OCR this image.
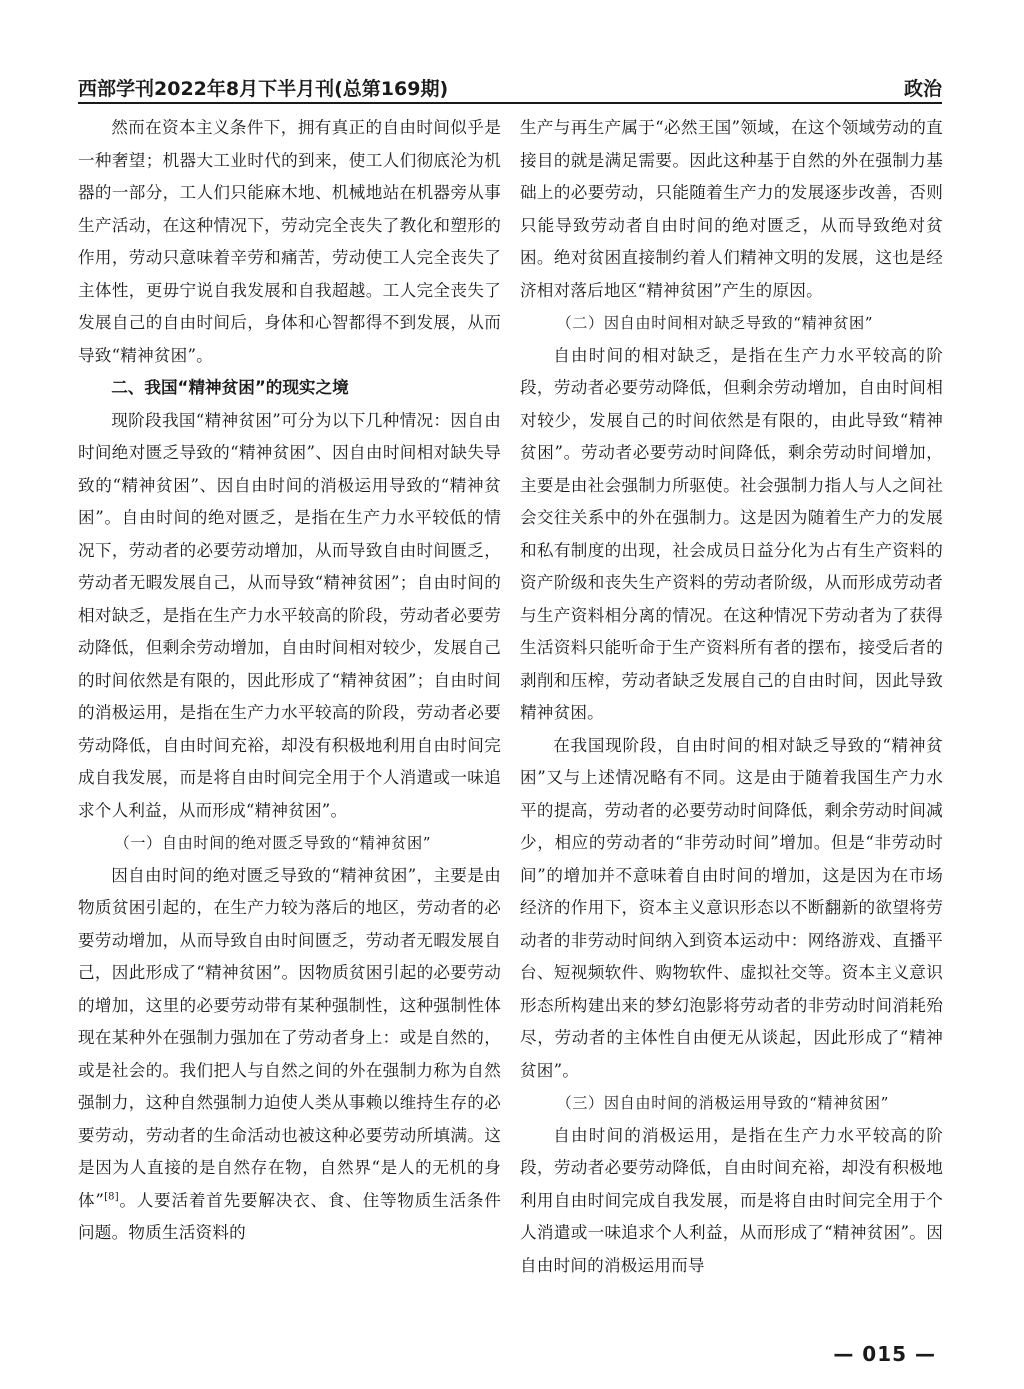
西部学刊2022年8月下半月刊(总第169期)	政治

然而在资本主义条件下，拥有真正的自由时间似乎是一种奢望；机器大工业时代的到来，使工人们彻底沦为机器的一部分，工人们只能麻木地、机械地站在机器旁从事生产活动，在这种情况下，劳动完全丧失了教化和塑形的作用，劳动只意味着辛劳和痛苦，劳动使工人完全丧失了主体性，更毋宁说自我发展和自我超越。工人完全丧失了发展自己的自由时间后，身体和心智都得不到发展，从而导致“精神贫困”。

二、我国“精神贫困”的现实之境

现阶段我国“精神贫困”可分为以下几种情况：因自由时间绝对匮乏导致的“精神贫困”、因自由时间相对缺失导致的“精神贫困”、因自由时间的消极运用导致的“精神贫困”。自由时间的绝对匮乏，是指在生产力水平较低的情况下，劳动者的必要劳动增加，从而导致自由时间匮乏，劳动者无暇发展自己，从而导致“精神贫困”；自由时间的相对缺乏，是指在生产力水平较高的阶段，劳动者必要劳动降低，但剩余劳动增加，自由时间相对较少，发展自己的时间依然是有限的，因此形成了“精神贫困”；自由时间的消极运用，是指在生产力水平较高的阶段，劳动者必要劳动降低，自由时间充裕，却没有积极地利用自由时间完成自我发展，而是将自由时间完全用于个人消遣或一味追求个人利益，从而形成“精神贫困”。

（一）自由时间的绝对匮乏导致的“精神贫困”

因自由时间的绝对匮乏导致的“精神贫困”，主要是由物质贫困引起的，在生产力较为落后的地区，劳动者的必要劳动增加，从而导致自由时间匮乏，劳动者无暇发展自己，因此形成了“精神贫困”。因物质贫困引起的必要劳动的增加，这里的必要劳动带有某种强制性，这种强制性体现在某种外在强制力强加在了劳动者身上：或是自然的，或是社会的。我们把人与自然之间的外在强制力称为自然强制力，这种自然强制力迫使人类从事赖以维持生存的必要劳动，劳动者的生命活动也被这种必要劳动所填满。这是因为人直接的是自然存在物，自然界“是人的无机的身体”[8]。人要活着首先要解决衣、食、住等物质生活条件问题。物质生活资料的

生产与再生产属于“必然王国”领域，在这个领域劳动的直接目的就是满足需要。因此这种基于自然的外在强制力基础上的必要劳动，只能随着生产力的发展逐步改善，否则只能导致劳动者自由时间的绝对匮乏，从而导致绝对贫困。绝对贫困直接制约着人们精神文明的发展，这也是经济相对落后地区“精神贫困”产生的原因。

（二）因自由时间相对缺乏导致的“精神贫困”

自由时间的相对缺乏，是指在生产力水平较高的阶段，劳动者必要劳动降低，但剩余劳动增加，自由时间相对较少，发展自己的时间依然是有限的，由此导致“精神贫困”。劳动者必要劳动时间降低，剩余劳动时间增加，主要是由社会强制力所驱使。社会强制力指人与人之间社会交往关系中的外在强制力。这是因为随着生产力的发展和私有制度的出现，社会成员日益分化为占有生产资料的资产阶级和丧失生产资料的劳动者阶级，从而形成劳动者与生产资料相分离的情况。在这种情况下劳动者为了获得生活资料只能听命于生产资料所有者的摆布，接受后者的剥削和压榨，劳动者缺乏发展自己的自由时间，因此导致精神贫困。

在我国现阶段，自由时间的相对缺乏导致的“精神贫困”又与上述情况略有不同。这是由于随着我国生产力水平的提高，劳动者的必要劳动时间降低，剩余劳动时间减少，相应的劳动者的“非劳动时间”增加。但是“非劳动时间”的增加并不意味着自由时间的增加，这是因为在市场经济的作用下，资本主义意识形态以不断翻新的欲望将劳动者的非劳动时间纳入到资本运动中：网络游戏、直播平台、短视频软件、购物软件、虚拟社交等。资本主义意识形态所构建出来的梦幻泡影将劳动者的非劳动时间消耗殆尽，劳动者的主体性自由便无从谈起，因此形成了“精神贫困”。

（三）因自由时间的消极运用导致的“精神贫困”

自由时间的消极运用，是指在生产力水平较高的阶段，劳动者必要劳动降低，自由时间充裕，却没有积极地利用自由时间完成自我发展，而是将自由时间完全用于个人消遣或一味追求个人利益，从而形成了“精神贫困”。因自由时间的消极运用而导

— 015 —
